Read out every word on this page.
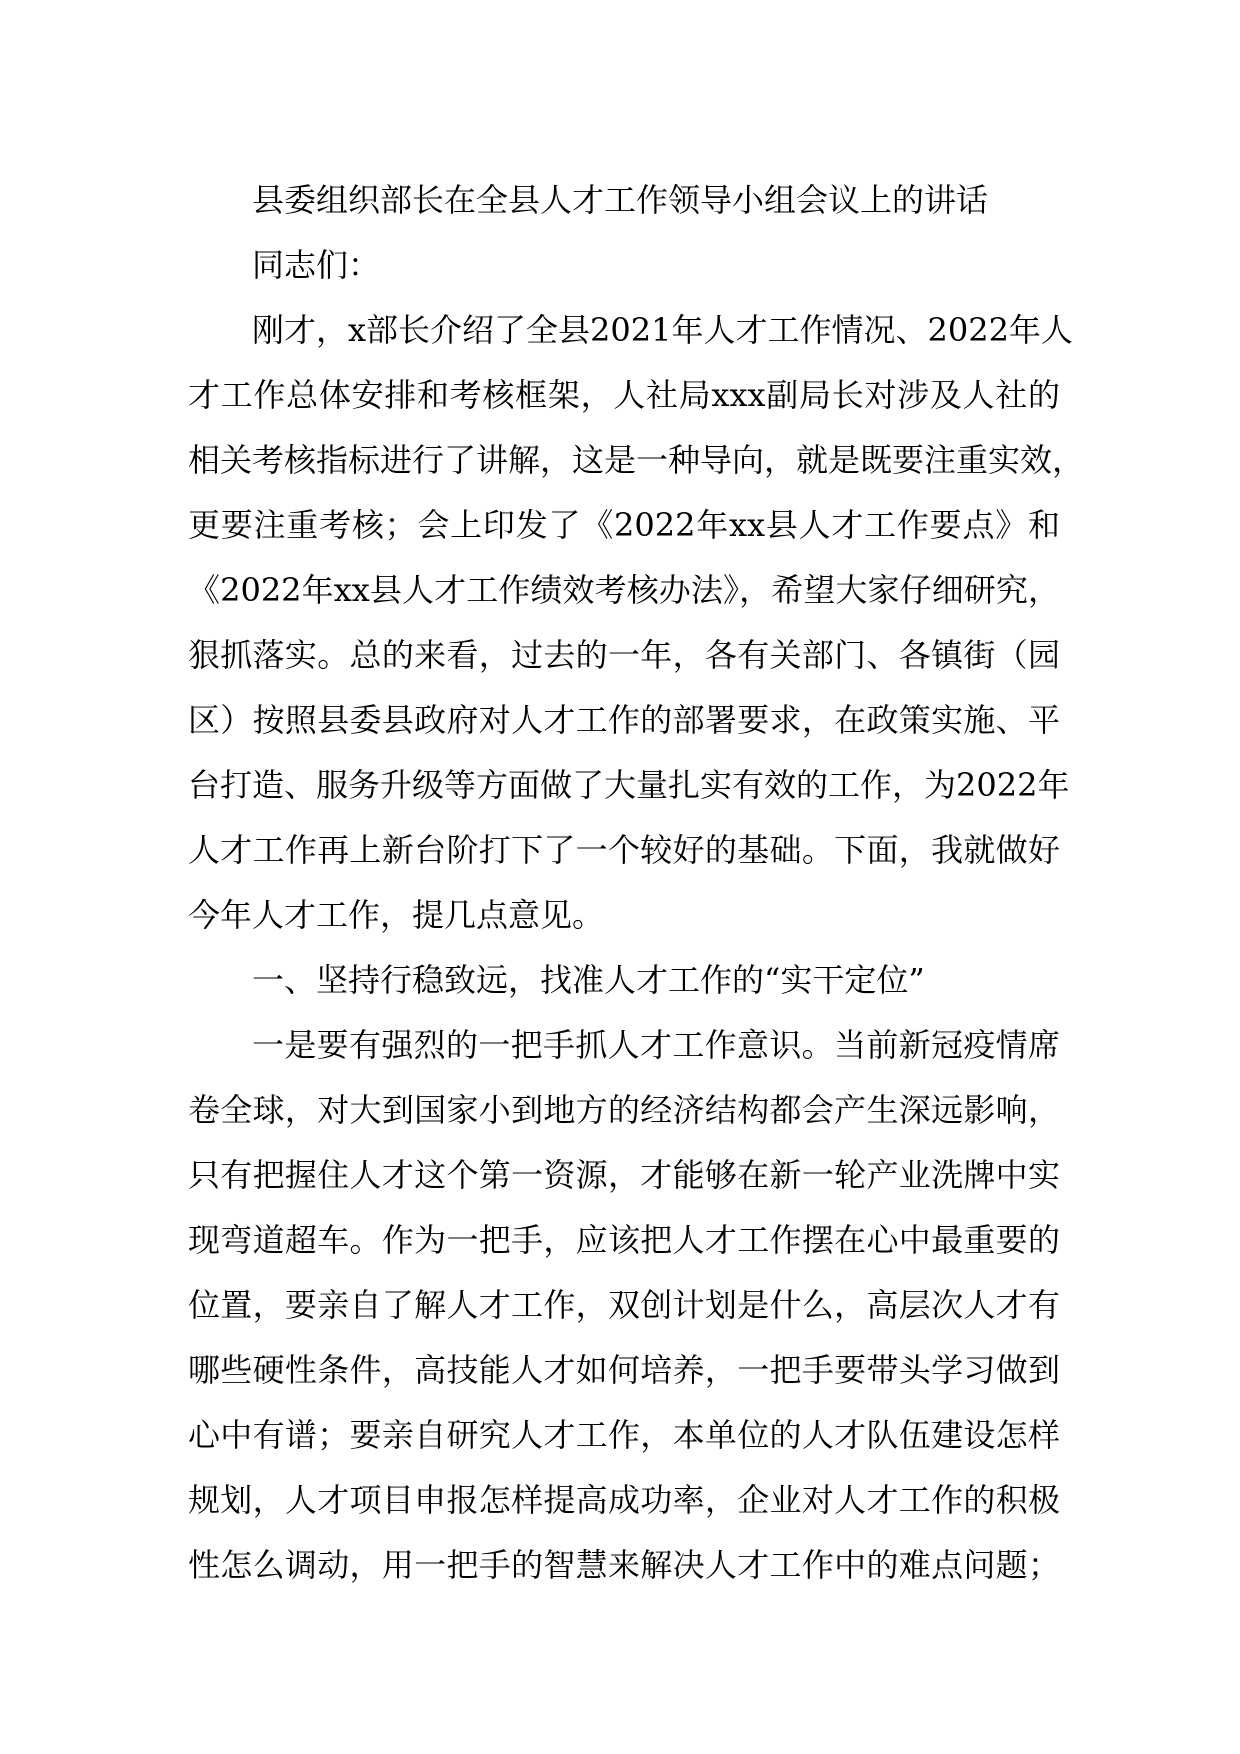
县委组织部长在全县人才工作领导小组会议上的讲话
同志们：
刚才，x部长介绍了全县2021年人才工作情况、2022年人
才工作总体安排和考核框架，人社局xxx副局长对涉及人社的
相关考核指标进行了讲解，这是一种导向，就是既要注重实效，
更要注重考核；会上印发了《2022年xx县人才工作要点》和
《2022年xx县人才工作绩效考核办法》，希望大家仔细研究，
狠抓落实。总的来看，过去的一年，各有关部门、各镇街（园
区）按照县委县政府对人才工作的部署要求，在政策实施、平
台打造、服务升级等方面做了大量扎实有效的工作，为2022年
人才工作再上新台阶打下了一个较好的基础。下面，我就做好
今年人才工作，提几点意见。
一、坚持行稳致远，找准人才工作的“实干定位”
一是要有强烈的一把手抓人才工作意识。当前新冠疫情席
卷全球，对大到国家小到地方的经济结构都会产生深远影响，
只有把握住人才这个第一资源，才能够在新一轮产业洗牌中实
现弯道超车。作为一把手，应该把人才工作摆在心中最重要的
位置，要亲自了解人才工作，双创计划是什么，高层次人才有
哪些硬性条件，高技能人才如何培养，一把手要带头学习做到
心中有谱；要亲自研究人才工作，本单位的人才队伍建设怎样
规划，人才项目申报怎样提高成功率，企业对人才工作的积极
性怎么调动，用一把手的智慧来解决人才工作中的难点问题；
